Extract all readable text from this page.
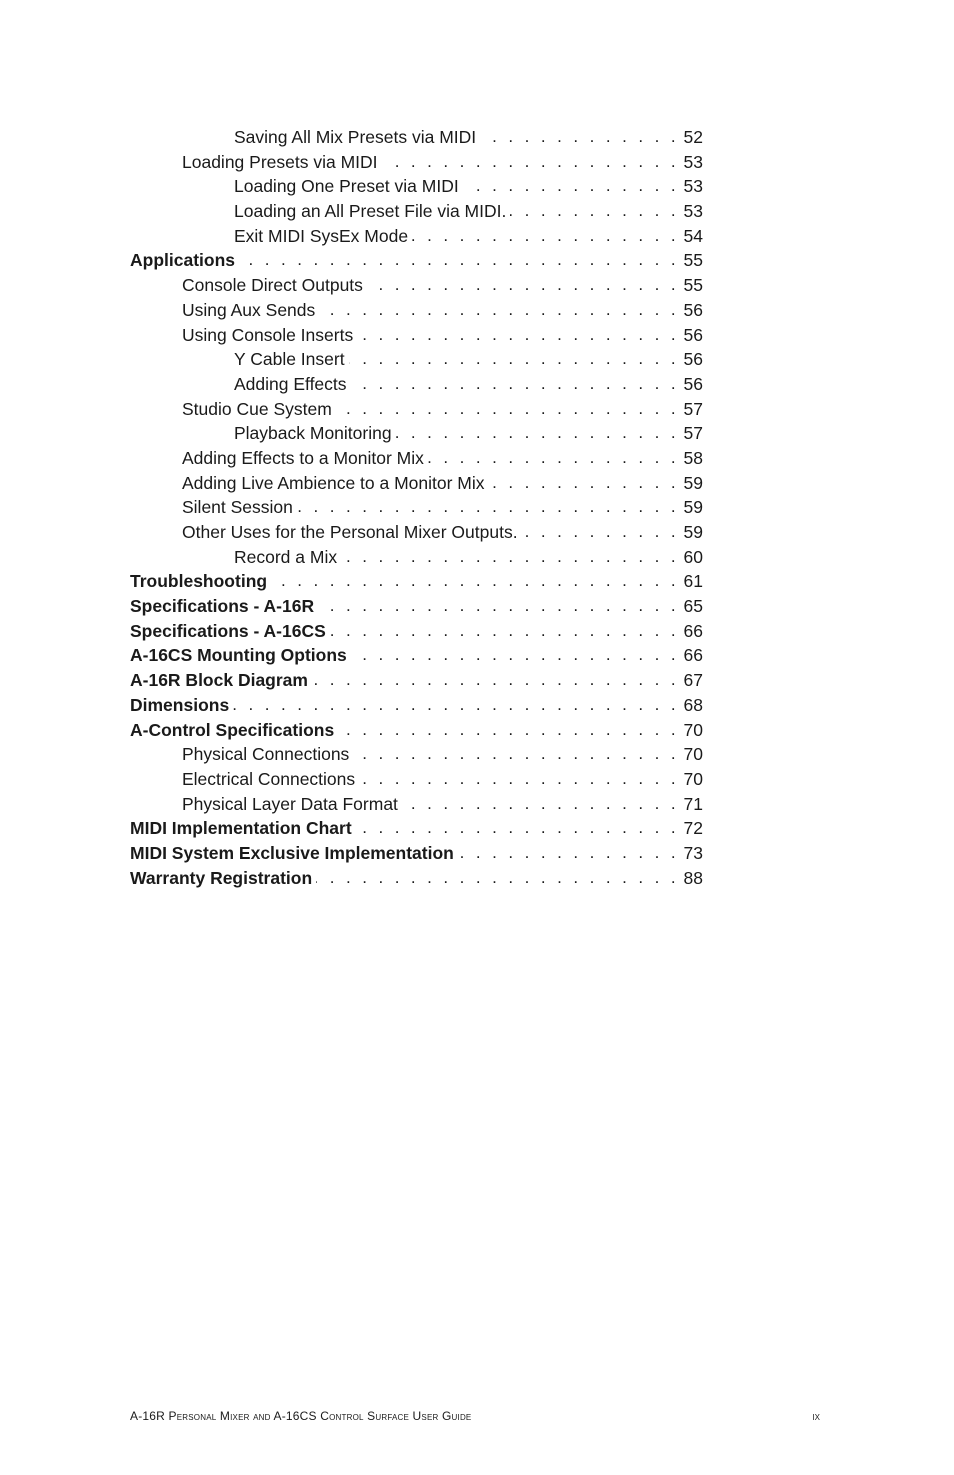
Saving All Mix Presets via MIDI . . .	52
Loading Presets via MIDI . . .	53
Loading One Preset via MIDI . . .	53
Loading an All Preset File via MIDI. . . .	53
Exit MIDI SysEx Mode . . .	54
Applications . . .	55
Console Direct Outputs . . .	55
Using Aux Sends . . .	56
Using Console Inserts . . .	56
Y Cable Insert . . .	56
Adding Effects . . .	56
Studio Cue System . . .	57
Playback Monitoring . . .	57
Adding Effects to a Monitor Mix . . .	58
Adding Live Ambience to a Monitor Mix . . .	59
Silent Session . . .	59
Other Uses for the Personal Mixer Outputs. . . .	59
Record a Mix . . .	60
Troubleshooting . . .	61
Specifications - A-16R . . .	65
Specifications - A-16CS . . .	66
A-16CS Mounting Options . . .	66
A-16R Block Diagram . . .	67
Dimensions . . .	68
A-Control Specifications . . .	70
Physical Connections . . .	70
Electrical Connections . . .	70
Physical Layer Data Format . . .	71
MIDI Implementation Chart . . .	72
MIDI System Exclusive Implementation . . .	73
Warranty Registration . . .	88
A-16R Personal Mixer and A-16CS Control Surface User Guide	ix
